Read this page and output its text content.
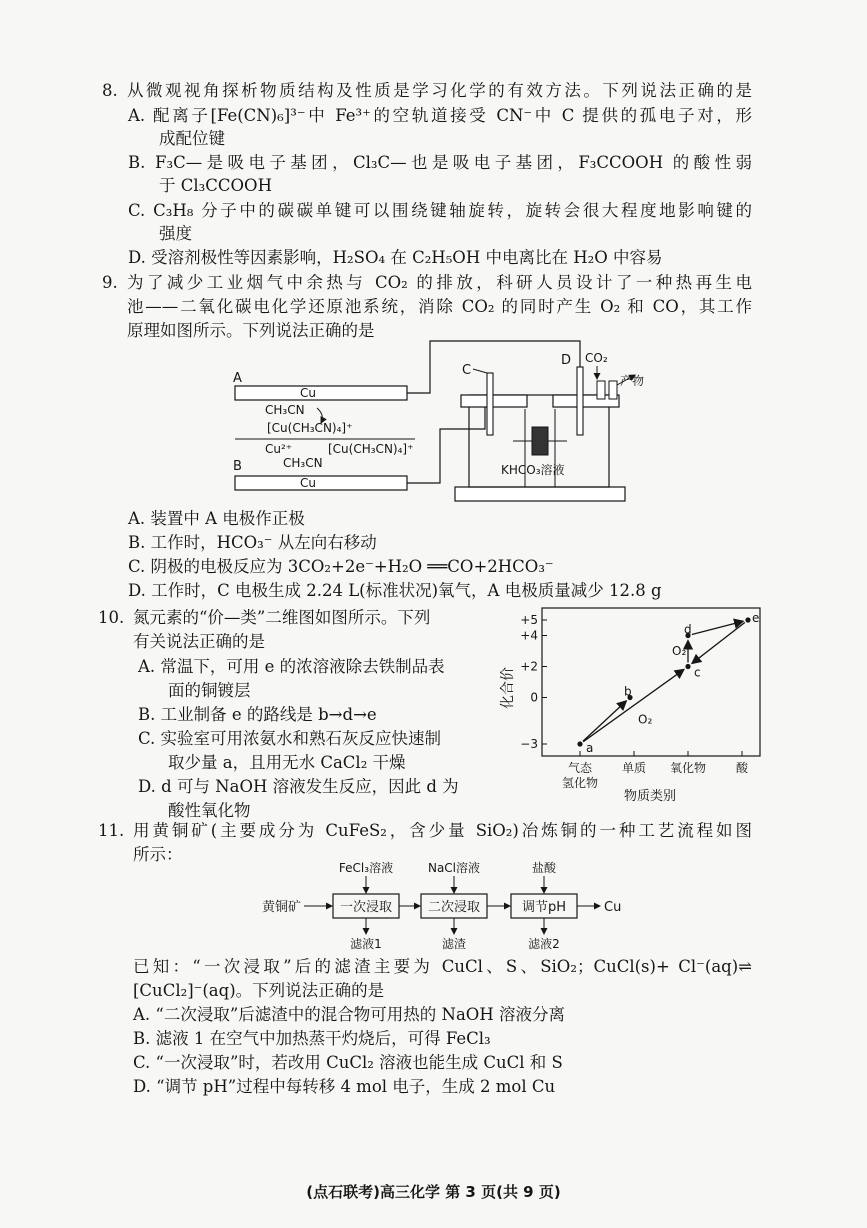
8. 从微观视角探析物质结构及性质是学习化学的有效方法。下列说法正确的是
A. 配离子[Fe(CN)₆]³⁻中 Fe³⁺的空轨道接受 CN⁻中 C 提供的孤电子对，形
成配位键
B. F₃C—是吸电子基团，Cl₃C—也是吸电子基团，F₃CCOOH 的酸性弱
于 Cl₃CCOOH
C. C₃H₈ 分子中的碳碳单键可以围绕键轴旋转，旋转会很大程度地影响键的
强度
D. 受溶剂极性等因素影响，H₂SO₄ 在 C₂H₅OH 中电离比在 H₂O 中容易
9. 为了减少工业烟气中余热与 CO₂ 的排放，科研人员设计了一种热再生电
池——二氧化碳电化学还原池系统，消除 CO₂ 的同时产生 O₂ 和 CO，其工作
原理如图所示。下列说法正确的是
A
Cu
CH₃CN
[Cu(CH₃CN)₄]⁺
Cu²⁺	[Cu(CH₃CN)₄]⁺
CH₃CN
B
Cu
C
D CO₂
产物
KHCO₃溶液
A. 装置中 A 电极作正极
B. 工作时，HCO₃⁻ 从左向右移动
C. 阴极的电极反应为 3CO₂+2e⁻+H₂O ══CO+2HCO₃⁻
D. 工作时，C 电极生成 2.24 L(标准状况)氧气，A 电极质量减少 12.8 g
10. 氮元素的“价—类”二维图如图所示。下列
有关说法正确的是
A. 常温下，可用 e 的浓溶液除去铁制品表
面的铜镀层
B. 工业制备 e 的路线是 b→d→e
C. 实验室可用浓氨水和熟石灰反应快速制
取少量 a，且用无水 CaCl₂ 干燥
D. d 可与 NaOH 溶液发生反应，因此 d 为
酸性氧化物
+5
+4
+2
0
−3
气态
氢化物
单质 氧化物 酸
O₂
O₂
a
b
c
d
e
化合价
物质类别
11. 用黄铜矿(主要成分为 CuFeS₂，含少量 SiO₂)冶炼铜的一种工艺流程如图
所示：
黄铜矿	一次浸取	二次浸取	调节pH	Cu
FeCl₃溶液	NaCl溶液	盐酸
滤液1	滤渣	滤液2
已知：“一次浸取”后的滤渣主要为 CuCl、S、SiO₂；CuCl(s)+ Cl⁻(aq)⇌
[CuCl₂]⁻(aq)。下列说法正确的是
A. “二次浸取”后滤渣中的混合物可用热的 NaOH 溶液分离
B. 滤液 1 在空气中加热蒸干灼烧后，可得 FeCl₃
C. “一次浸取”时，若改用 CuCl₂ 溶液也能生成 CuCl 和 S
D. “调节 pH”过程中每转移 4 mol 电子，生成 2 mol Cu
(点石联考)高三化学 第 3 页(共 9 页)
